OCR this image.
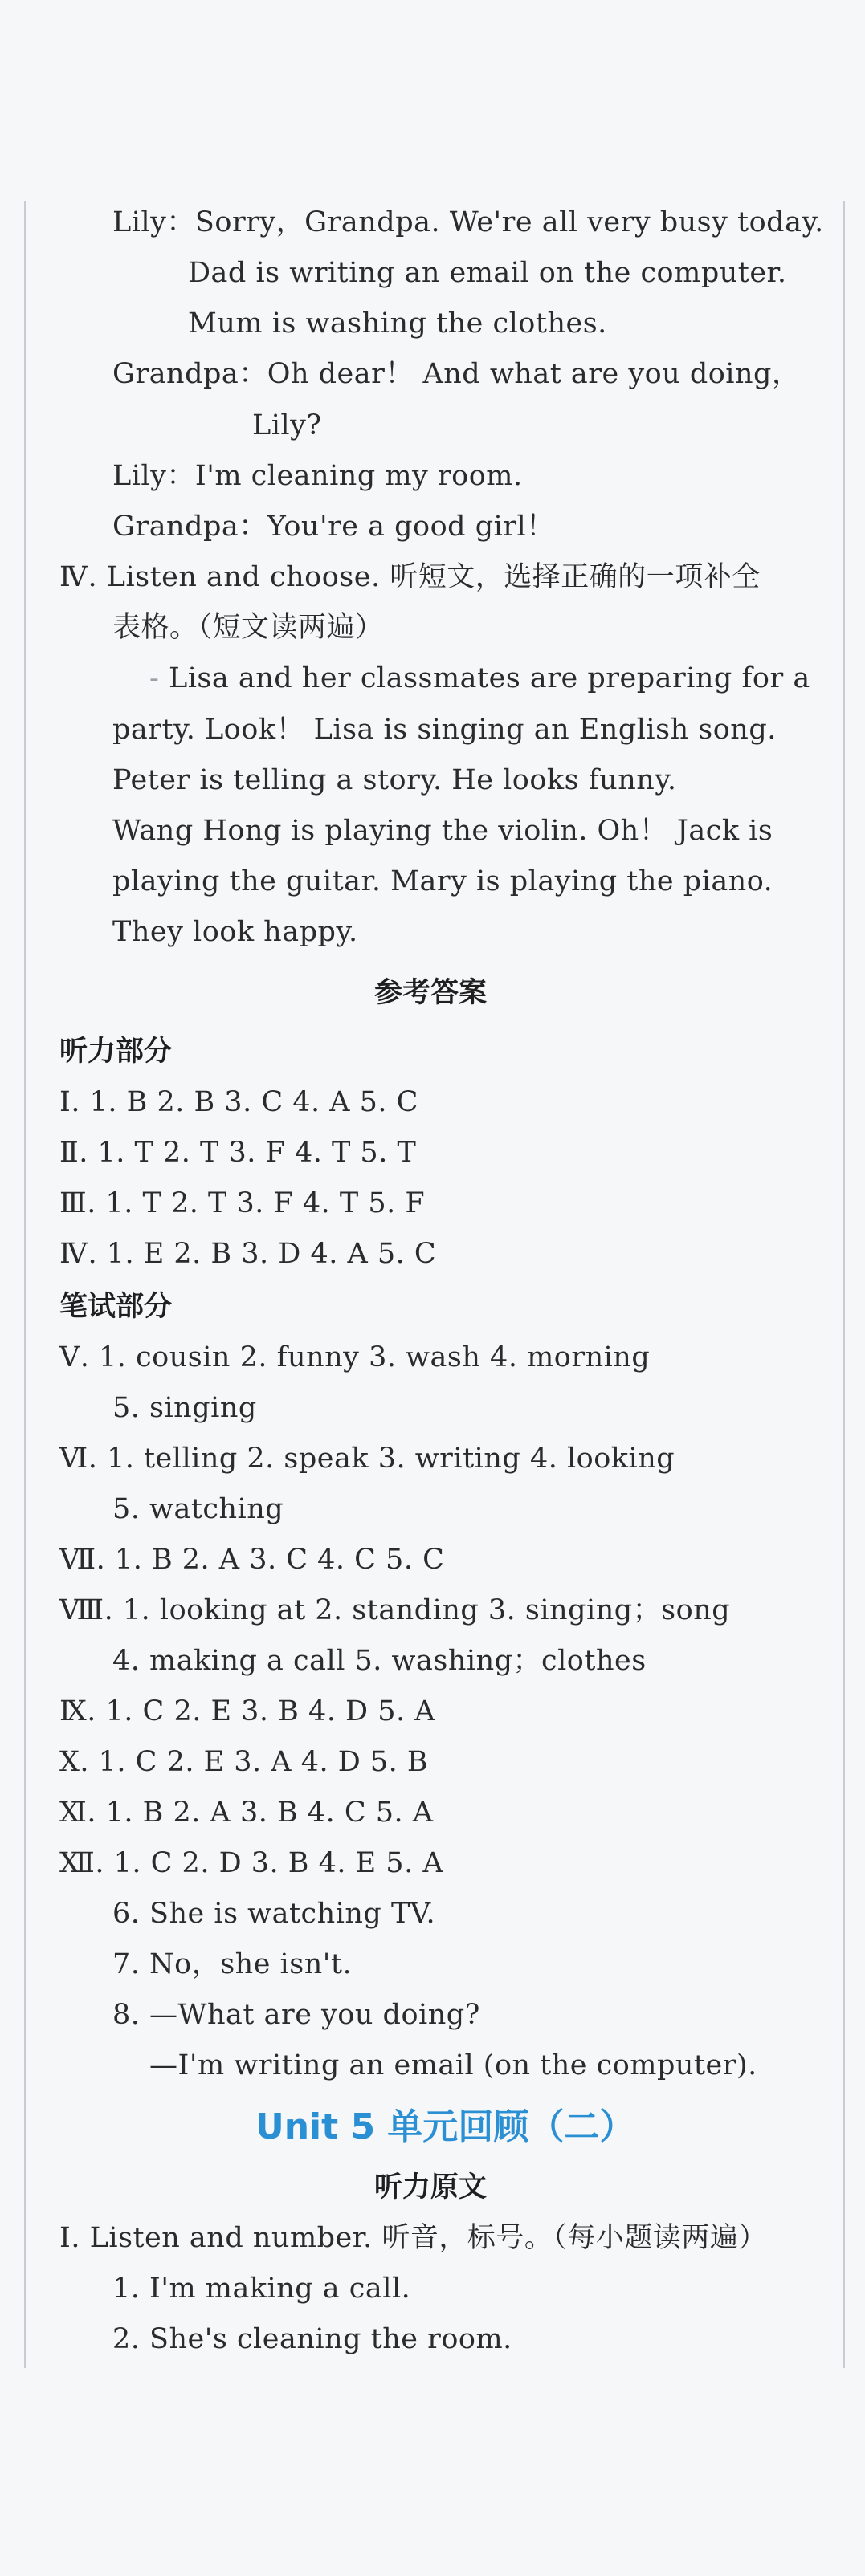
Lily：Sorry，Grandpa. We're all very busy today.
Dad is writing an email on the computer.
Mum is washing the clothes.
Grandpa：Oh dear！ And what are you doing，
Lily?
Lily：I'm cleaning my room.
Grandpa：You're a good girl！
Ⅳ. Listen and choose. 听短文，选择正确的一项补全
表格。（短文读两遍）
- Lisa and her classmates are preparing for a
party. Look！ Lisa is singing an English song.
Peter is telling a story. He looks funny.
Wang Hong is playing the violin. Oh！ Jack is
playing the guitar. Mary is playing the piano.
They look happy.
参考答案
听力部分
Ⅰ. 1. B 2. B 3. C 4. A 5. C
Ⅱ. 1. T 2. T 3. F 4. T 5. T
Ⅲ. 1. T 2. T 3. F 4. T 5. F
Ⅳ. 1. E 2. B 3. D 4. A 5. C
笔试部分
Ⅴ. 1. cousin 2. funny 3. wash 4. morning
5. singing
Ⅵ. 1. telling 2. speak 3. writing 4. looking
5. watching
Ⅶ. 1. B 2. A 3. C 4. C 5. C
Ⅷ. 1. looking at 2. standing 3. singing；song
4. making a call 5. washing；clothes
Ⅸ. 1. C 2. E 3. B 4. D 5. A
Ⅹ. 1. C 2. E 3. A 4. D 5. B
Ⅺ. 1. B 2. A 3. B 4. C 5. A
Ⅻ. 1. C 2. D 3. B 4. E 5. A
6. She is watching TV.
7. No，she isn't.
8. —What are you doing?
—I'm writing an email (on the computer).
Unit 5 单元回顾（二）
听力原文
Ⅰ. Listen and number. 听音，标号。（每小题读两遍）
1. I'm making a call.
2. She's cleaning the room.
